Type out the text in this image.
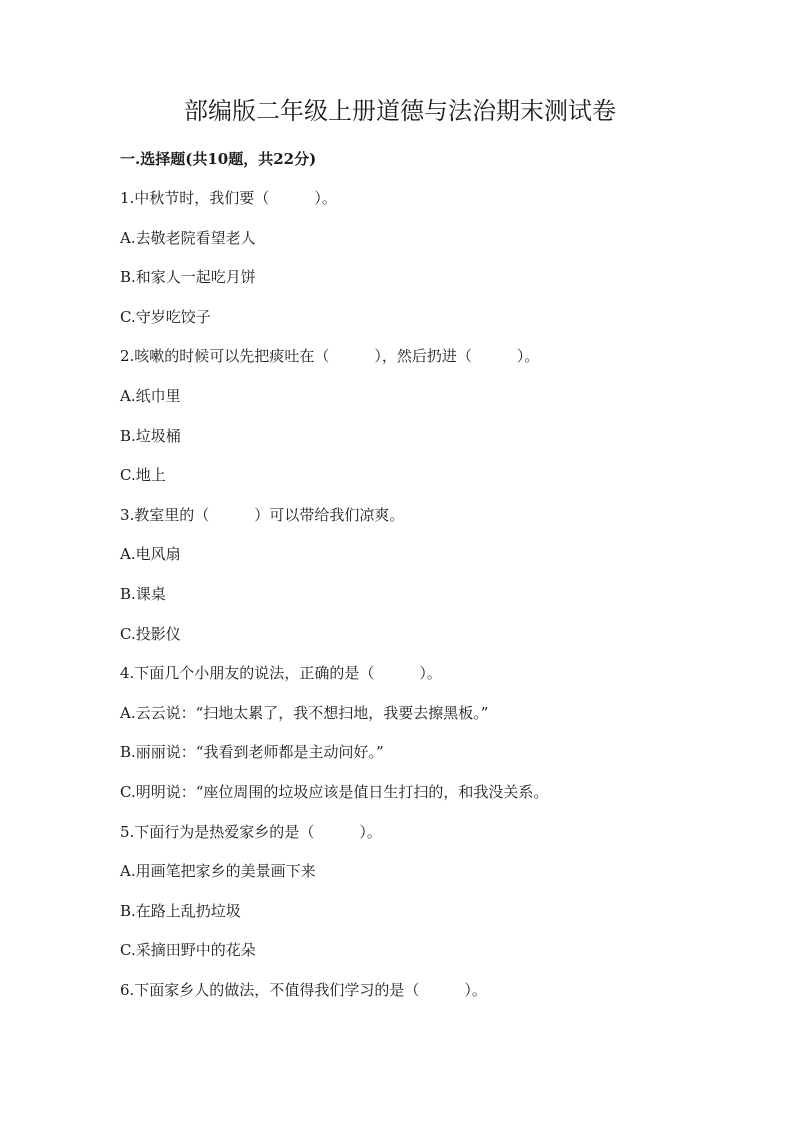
部编版二年级上册道德与法治期末测试卷
一.选择题(共10题，共22分)
1.中秋节时，我们要（　　　）。
A.去敬老院看望老人
B.和家人一起吃月饼
C.守岁吃饺子
2.咳嗽的时候可以先把痰吐在（　　　），然后扔进（　　　）。
A.纸巾里
B.垃圾桶
C.地上
3.教室里的（　　　）可以带给我们凉爽。
A.电风扇
B.课桌
C.投影仪
4.下面几个小朋友的说法，正确的是（　　　）。
A.云云说：“扫地太累了，我不想扫地，我要去擦黑板。”
B.丽丽说：“我看到老师都是主动问好。”
C.明明说：“座位周围的垃圾应该是值日生打扫的，和我没关系。
5.下面行为是热爱家乡的是（　　　）。
A.用画笔把家乡的美景画下来
B.在路上乱扔垃圾
C.采摘田野中的花朵
6.下面家乡人的做法，不值得我们学习的是（　　　）。
